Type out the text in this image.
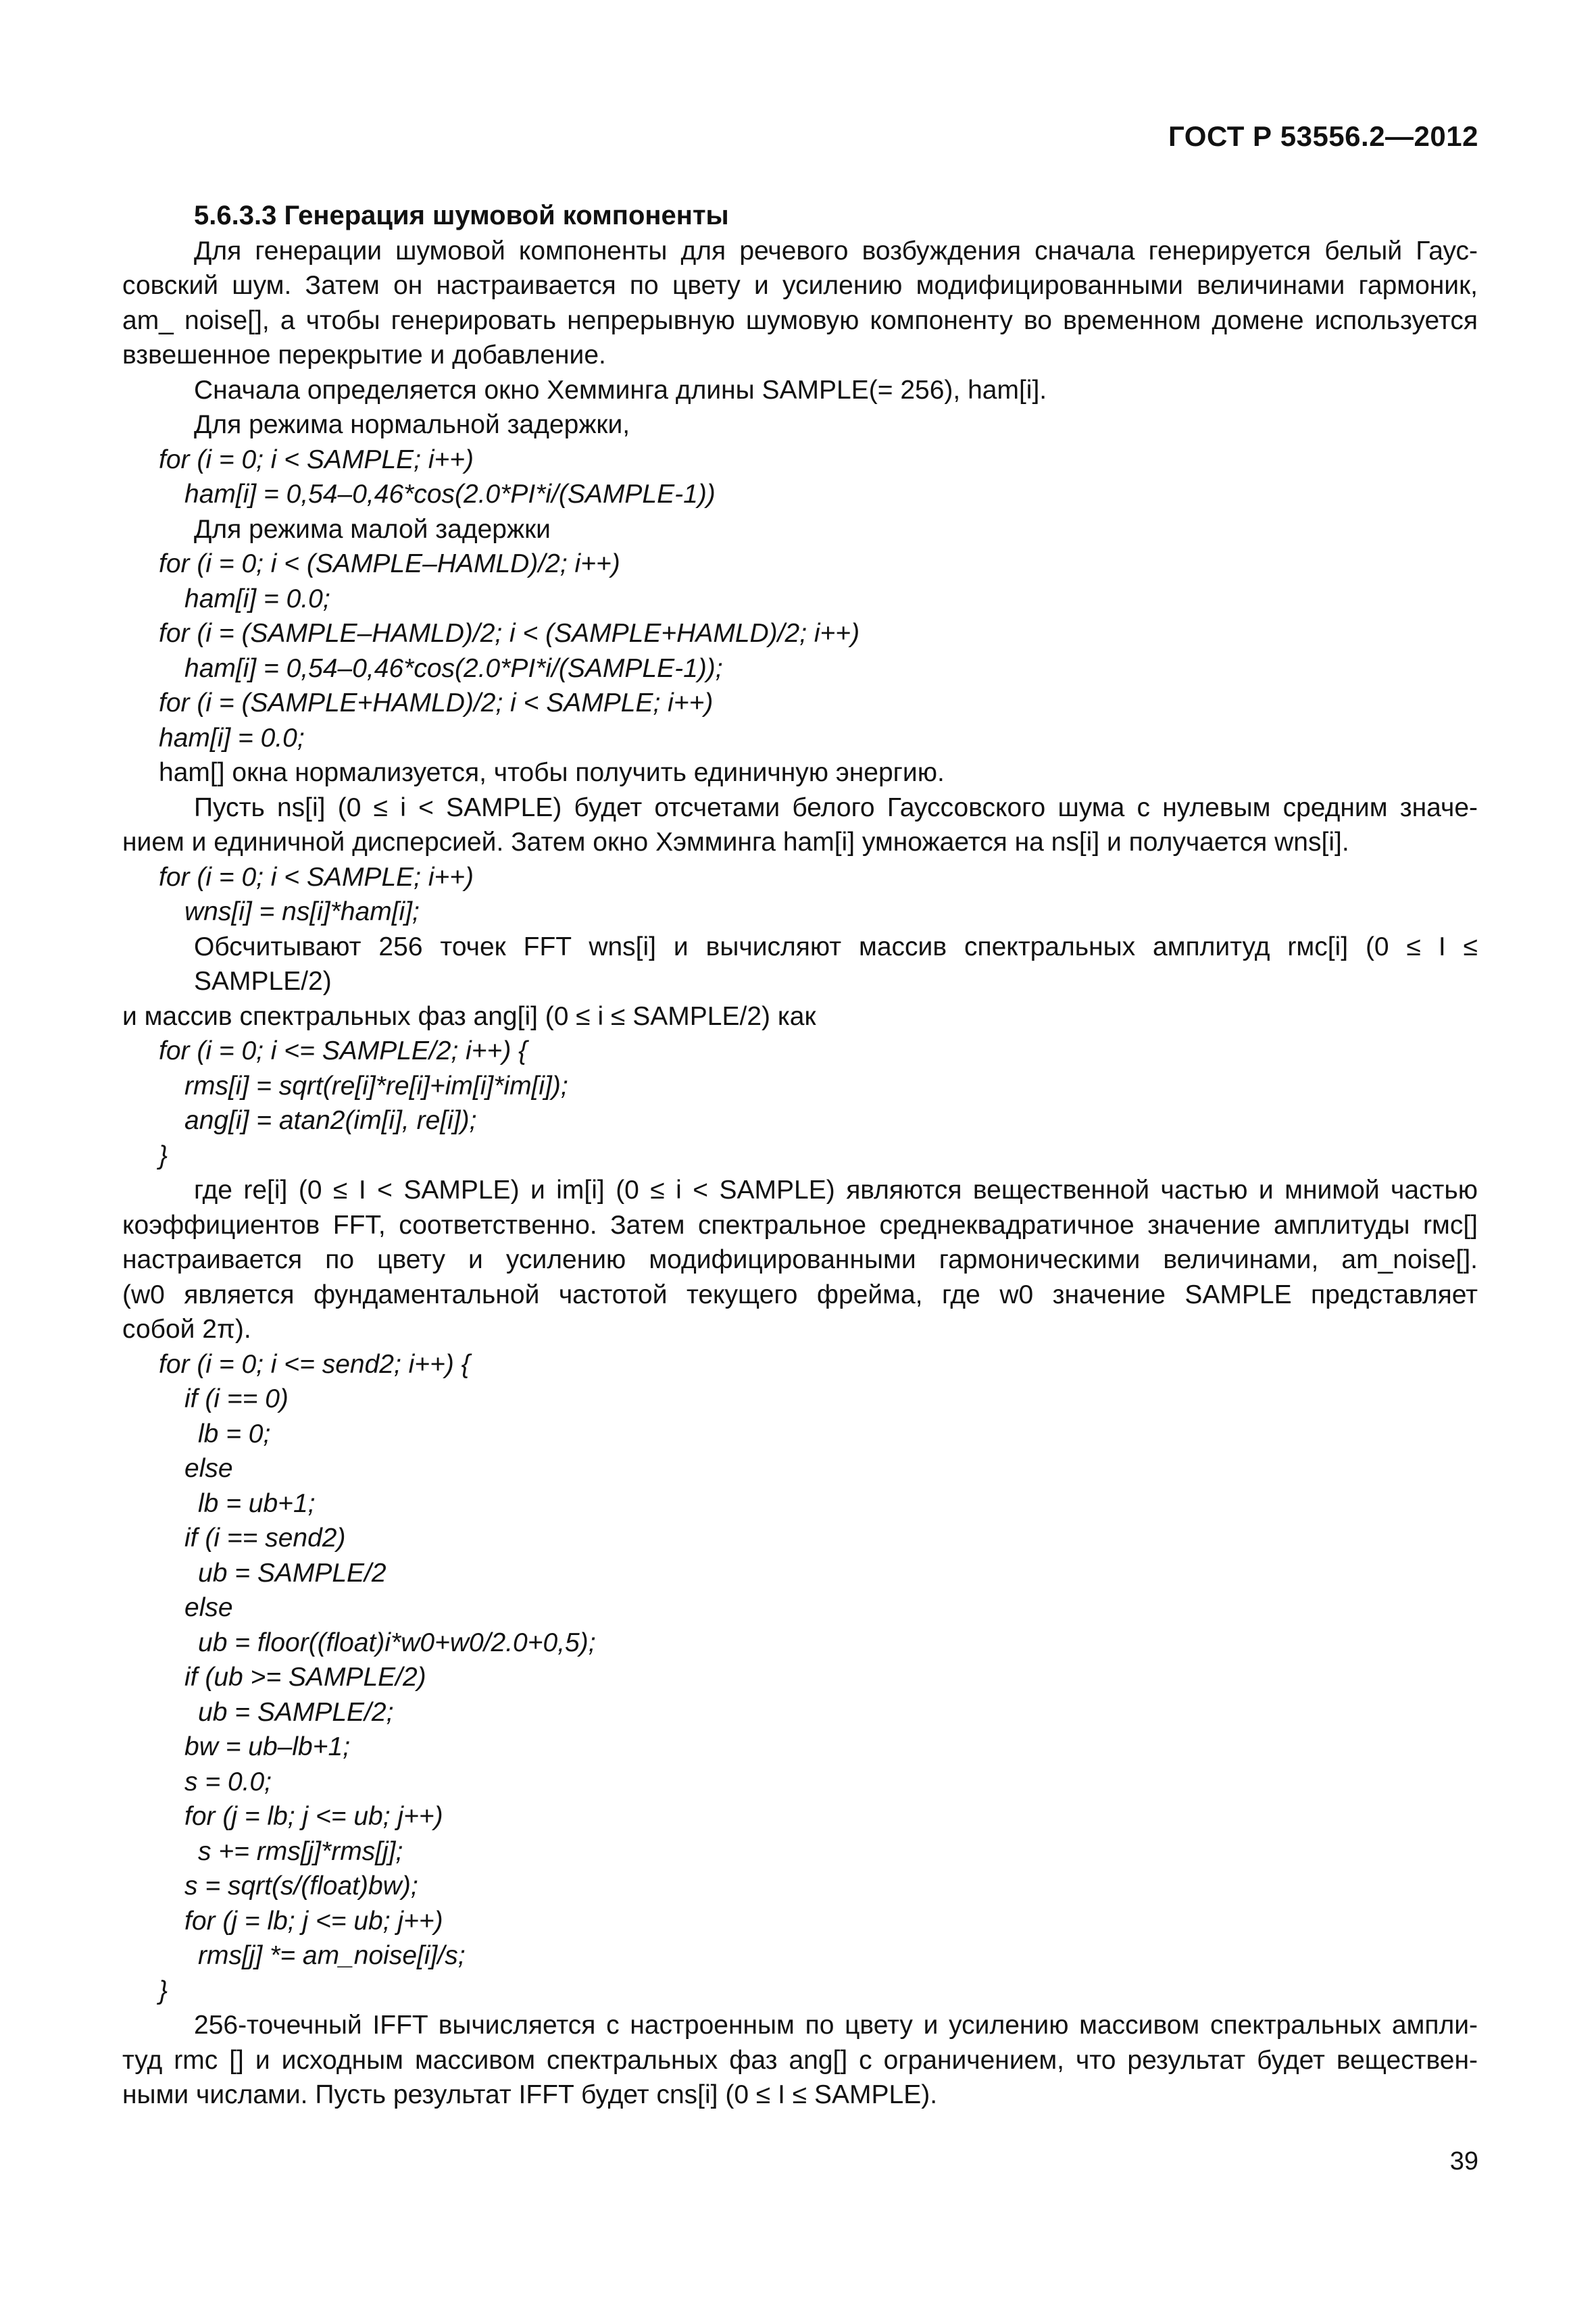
ГОСТ Р 53556.2—2012
5.6.3.3 Генерация шумовой компоненты
Для генерации шумовой компоненты для речевого возбуждения сначала генерируется белый Гаус-
совский шум. Затем он настраивается по цвету и усилению модифицированными величинами гармоник,
am_ noise[], а чтобы генерировать непрерывную шумовую компоненту во временном домене используется
взвешенное перекрытие и добавление.
Сначала определяется окно Хемминга длины SAMPLE(= 256), ham[i].
Для режима нормальной задержки,
for (i = 0; i < SAMPLE; i++)
ham[i] = 0,54–0,46*cos(2.0*PI*i/(SAMPLE-1))
Для режима малой задержки
for (i = 0; i < (SAMPLE–HAMLD)/2; i++)
ham[i] = 0.0;
for (i = (SAMPLE–HAMLD)/2; i < (SAMPLE+HAMLD)/2; i++)
ham[i] = 0,54–0,46*cos(2.0*PI*i/(SAMPLE-1));
for (i = (SAMPLE+HAMLD)/2; i < SAMPLE; i++)
ham[i] = 0.0;
ham[] окна нормализуется, чтобы получить единичную энергию.
Пусть ns[i] (0 ≤ i < SAMPLE) будет отсчетами белого Гауссовского шума с нулевым средним значе-
нием и единичной дисперсией. Затем окно Хэмминга ham[i] умножается на ns[i] и получается wns[i].
for (i = 0; i < SAMPLE; i++)
wns[i] = ns[i]*ham[i];
Обсчитывают 256 точек FFT wns[i] и вычисляют массив спектральных амплитуд rмс[i] (0 ≤ I ≤ SAMPLE/2)
и массив спектральных фаз ang[i] (0 ≤ i ≤ SAMPLE/2) как
for (i = 0; i <= SAMPLE/2; i++) {
rms[i] = sqrt(re[i]*re[i]+im[i]*im[i]);
ang[i] = atan2(im[i], re[i]);
}
где re[i] (0 ≤ I < SAMPLE) и im[i] (0 ≤ i < SAMPLE) являются вещественной частью и мнимой частью
коэффициентов FFT, соответственно. Затем спектральное среднеквадратичное значение амплитуды rмс[]
настраивается по цвету и усилению модифицированными гармоническими величинами, am_noise[].
(w0 является фундаментальной частотой текущего фрейма, где w0 значение SAMPLE представляет
собой 2π).
for (i = 0; i <= send2; i++) {
if (i == 0)
lb = 0;
else
lb = ub+1;
if (i == send2)
ub = SAMPLE/2
else
ub = floor((float)i*w0+w0/2.0+0,5);
if (ub >= SAMPLE/2)
ub = SAMPLE/2;
bw = ub–lb+1;
s = 0.0;
for (j = lb; j <= ub; j++)
s += rms[j]*rms[j];
s = sqrt(s/(float)bw);
for (j = lb; j <= ub; j++)
rms[j] *= am_noise[i]/s;
}
256-точечный IFFT вычисляется с настроенным по цвету и усилению массивом спектральных ампли-
туд rmc [] и исходным массивом спектральных фаз ang[] с ограничением, что результат будет веществен-
ными числами. Пусть результат IFFT будет cns[i] (0 ≤ I ≤ SAMPLE).
39
